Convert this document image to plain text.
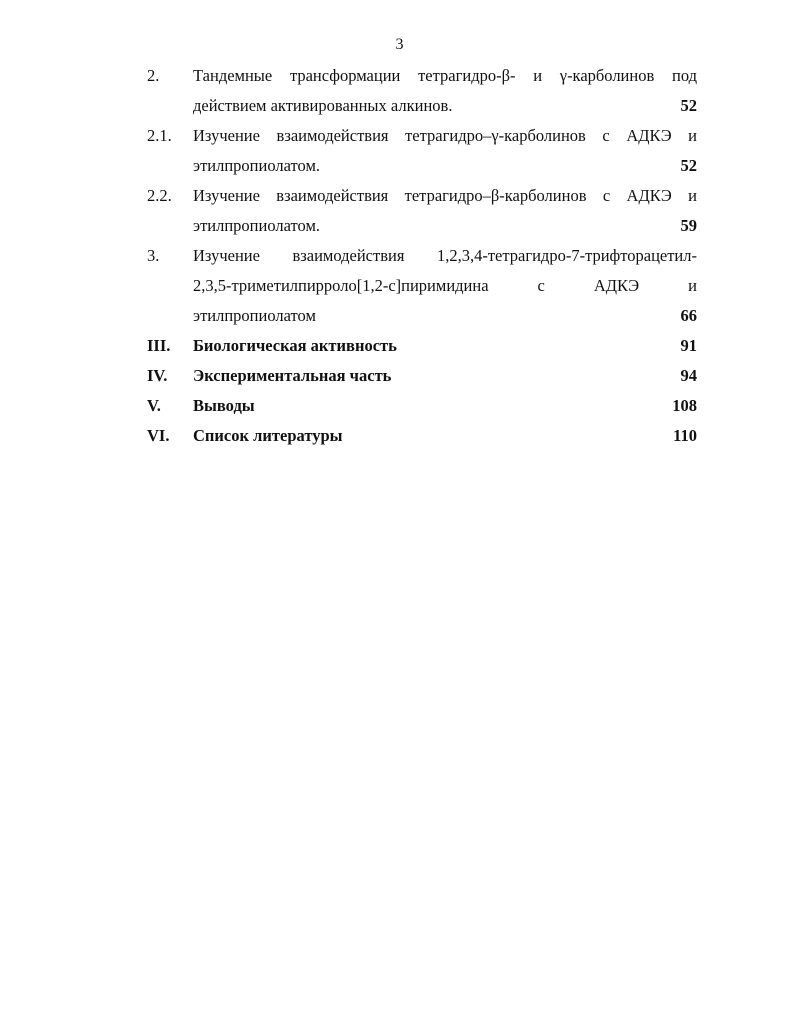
3
2. Тандемные трансформации тетрагидро-β- и γ-карболинов под
действием активированных алкинов.	52
2.1. Изучение взаимодействия тетрагидро–γ-карболинов с АДКЭ и
этилпропиолатом.	52
2.2. Изучение взаимодействия тетрагидро–β-карболинов с АДКЭ и
этилпропиолатом.	59
3. Изучение взаимодействия 1,2,3,4-тетрагидро-7-трифторацетил-
2,3,5-триметилпирроло[1,2-c]пиримидина с АДКЭ и
этилпропиолатом	66
III. Биологическая активность	91
IV. Экспериментальная часть	94
V. Выводы	108
VI. Список литературы	110
